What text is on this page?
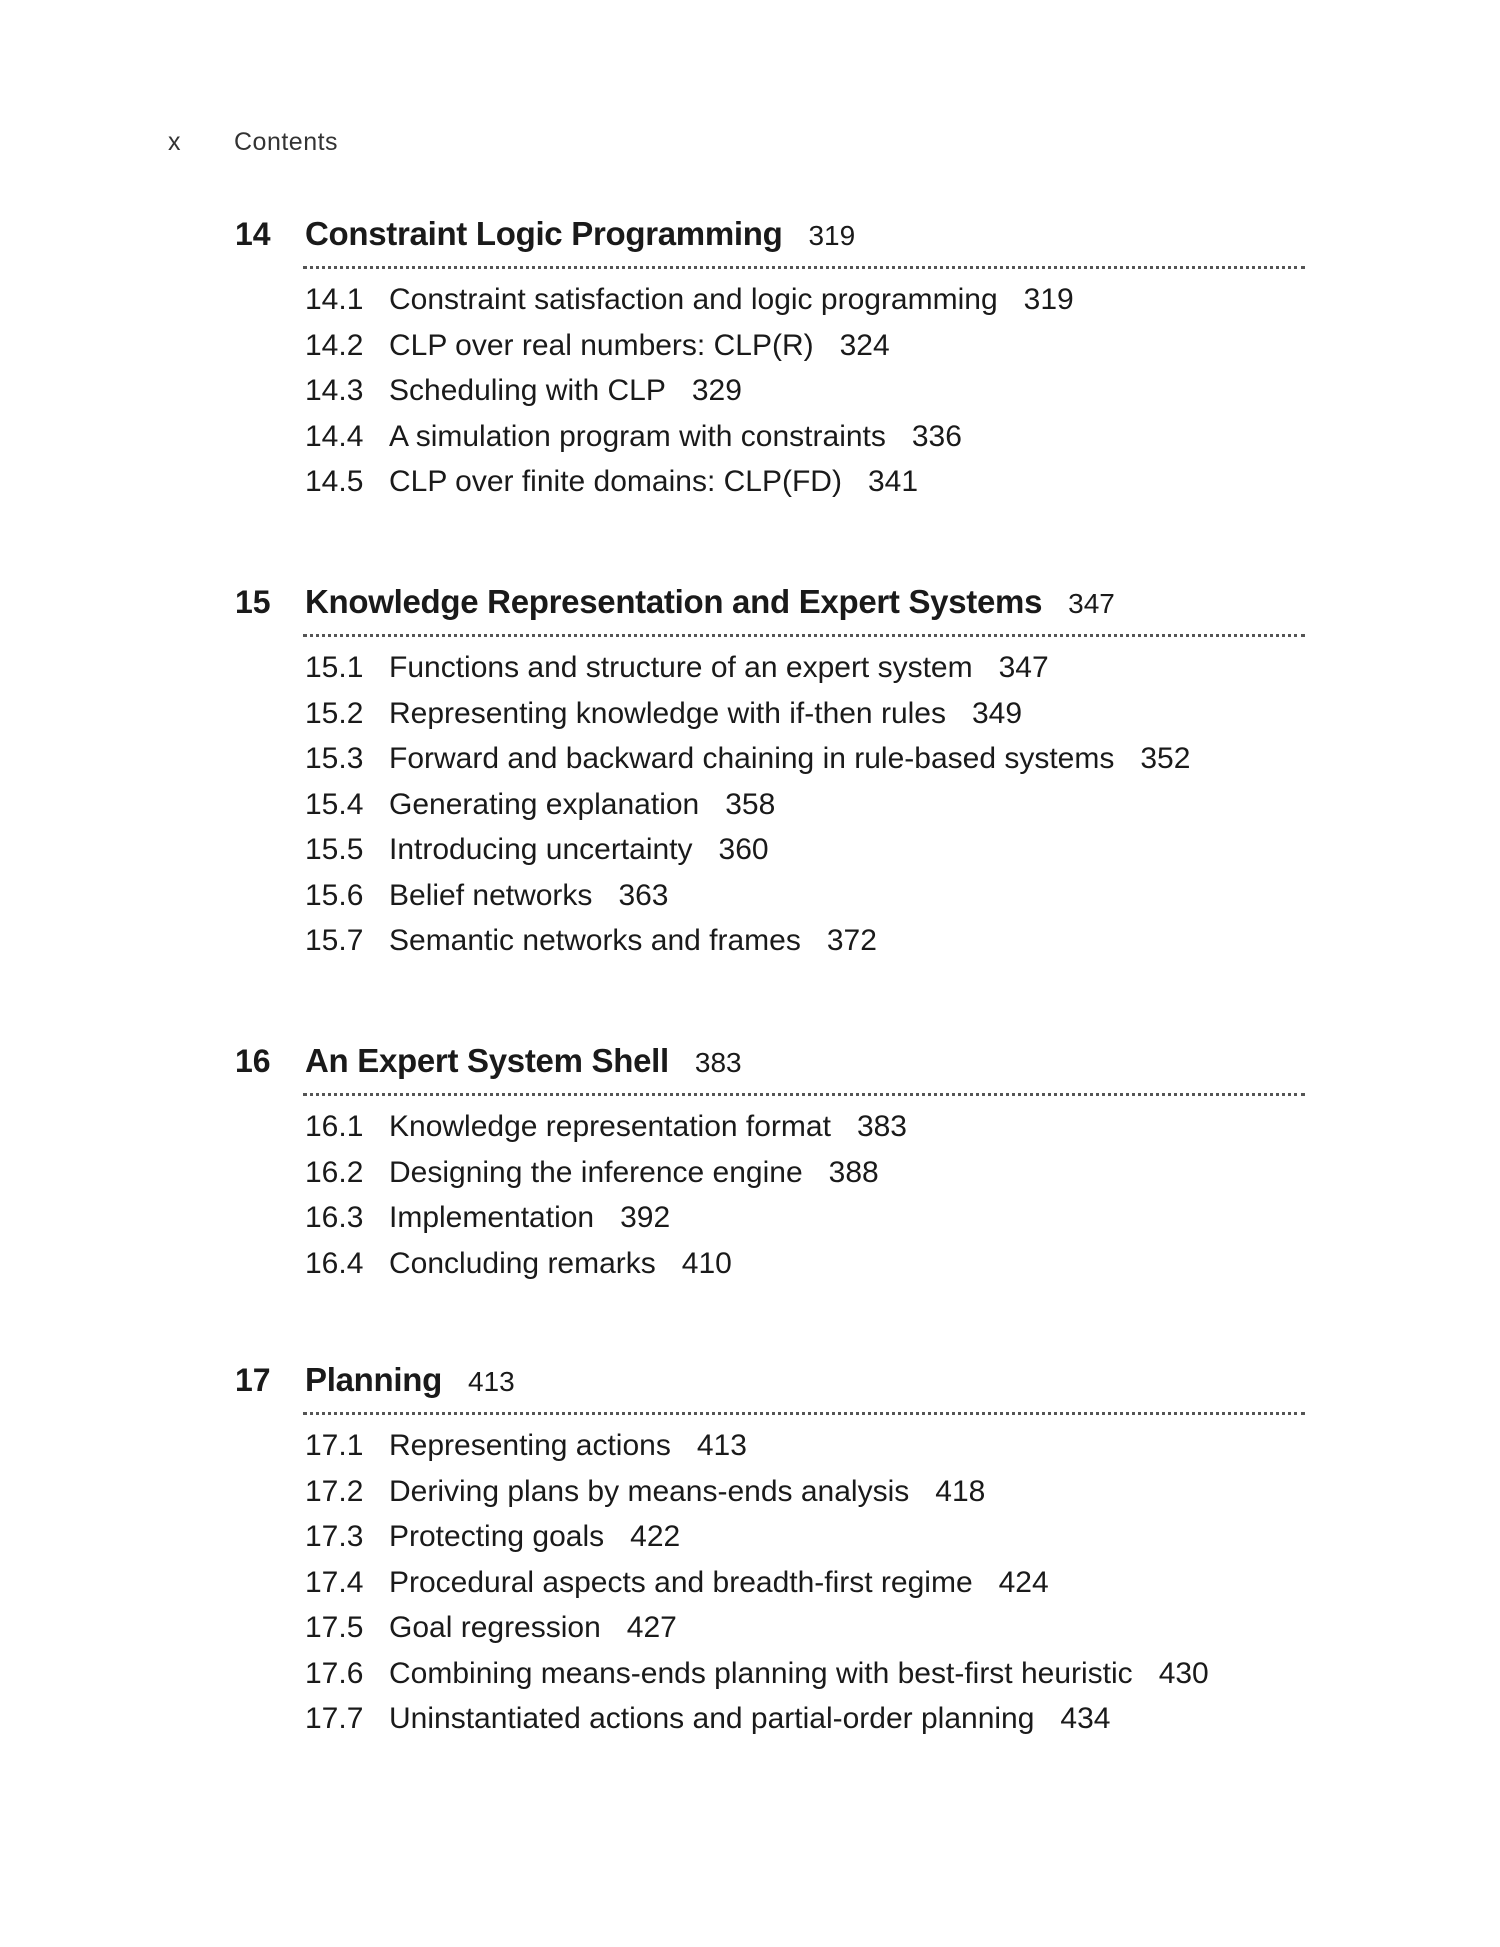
x Contents
14	Constraint Logic Programming 319
14.1 Constraint satisfaction and logic programming 319
14.2 CLP over real numbers: CLP(R) 324
14.3 Scheduling with CLP 329
14.4 A simulation program with constraints 336
14.5 CLP over finite domains: CLP(FD) 341
15	Knowledge Representation and Expert Systems 347
15.1 Functions and structure of an expert system 347
15.2 Representing knowledge with if-then rules 349
15.3 Forward and backward chaining in rule-based systems 352
15.4 Generating explanation 358
15.5 Introducing uncertainty 360
15.6 Belief networks 363
15.7 Semantic networks and frames 372
16	An Expert System Shell 383
16.1 Knowledge representation format 383
16.2 Designing the inference engine 388
16.3 Implementation 392
16.4 Concluding remarks 410
17	Planning 413
17.1 Representing actions 413
17.2 Deriving plans by means-ends analysis 418
17.3 Protecting goals 422
17.4 Procedural aspects and breadth-first regime 424
17.5 Goal regression 427
17.6 Combining means-ends planning with best-first heuristic 430
17.7 Uninstantiated actions and partial-order planning 434
